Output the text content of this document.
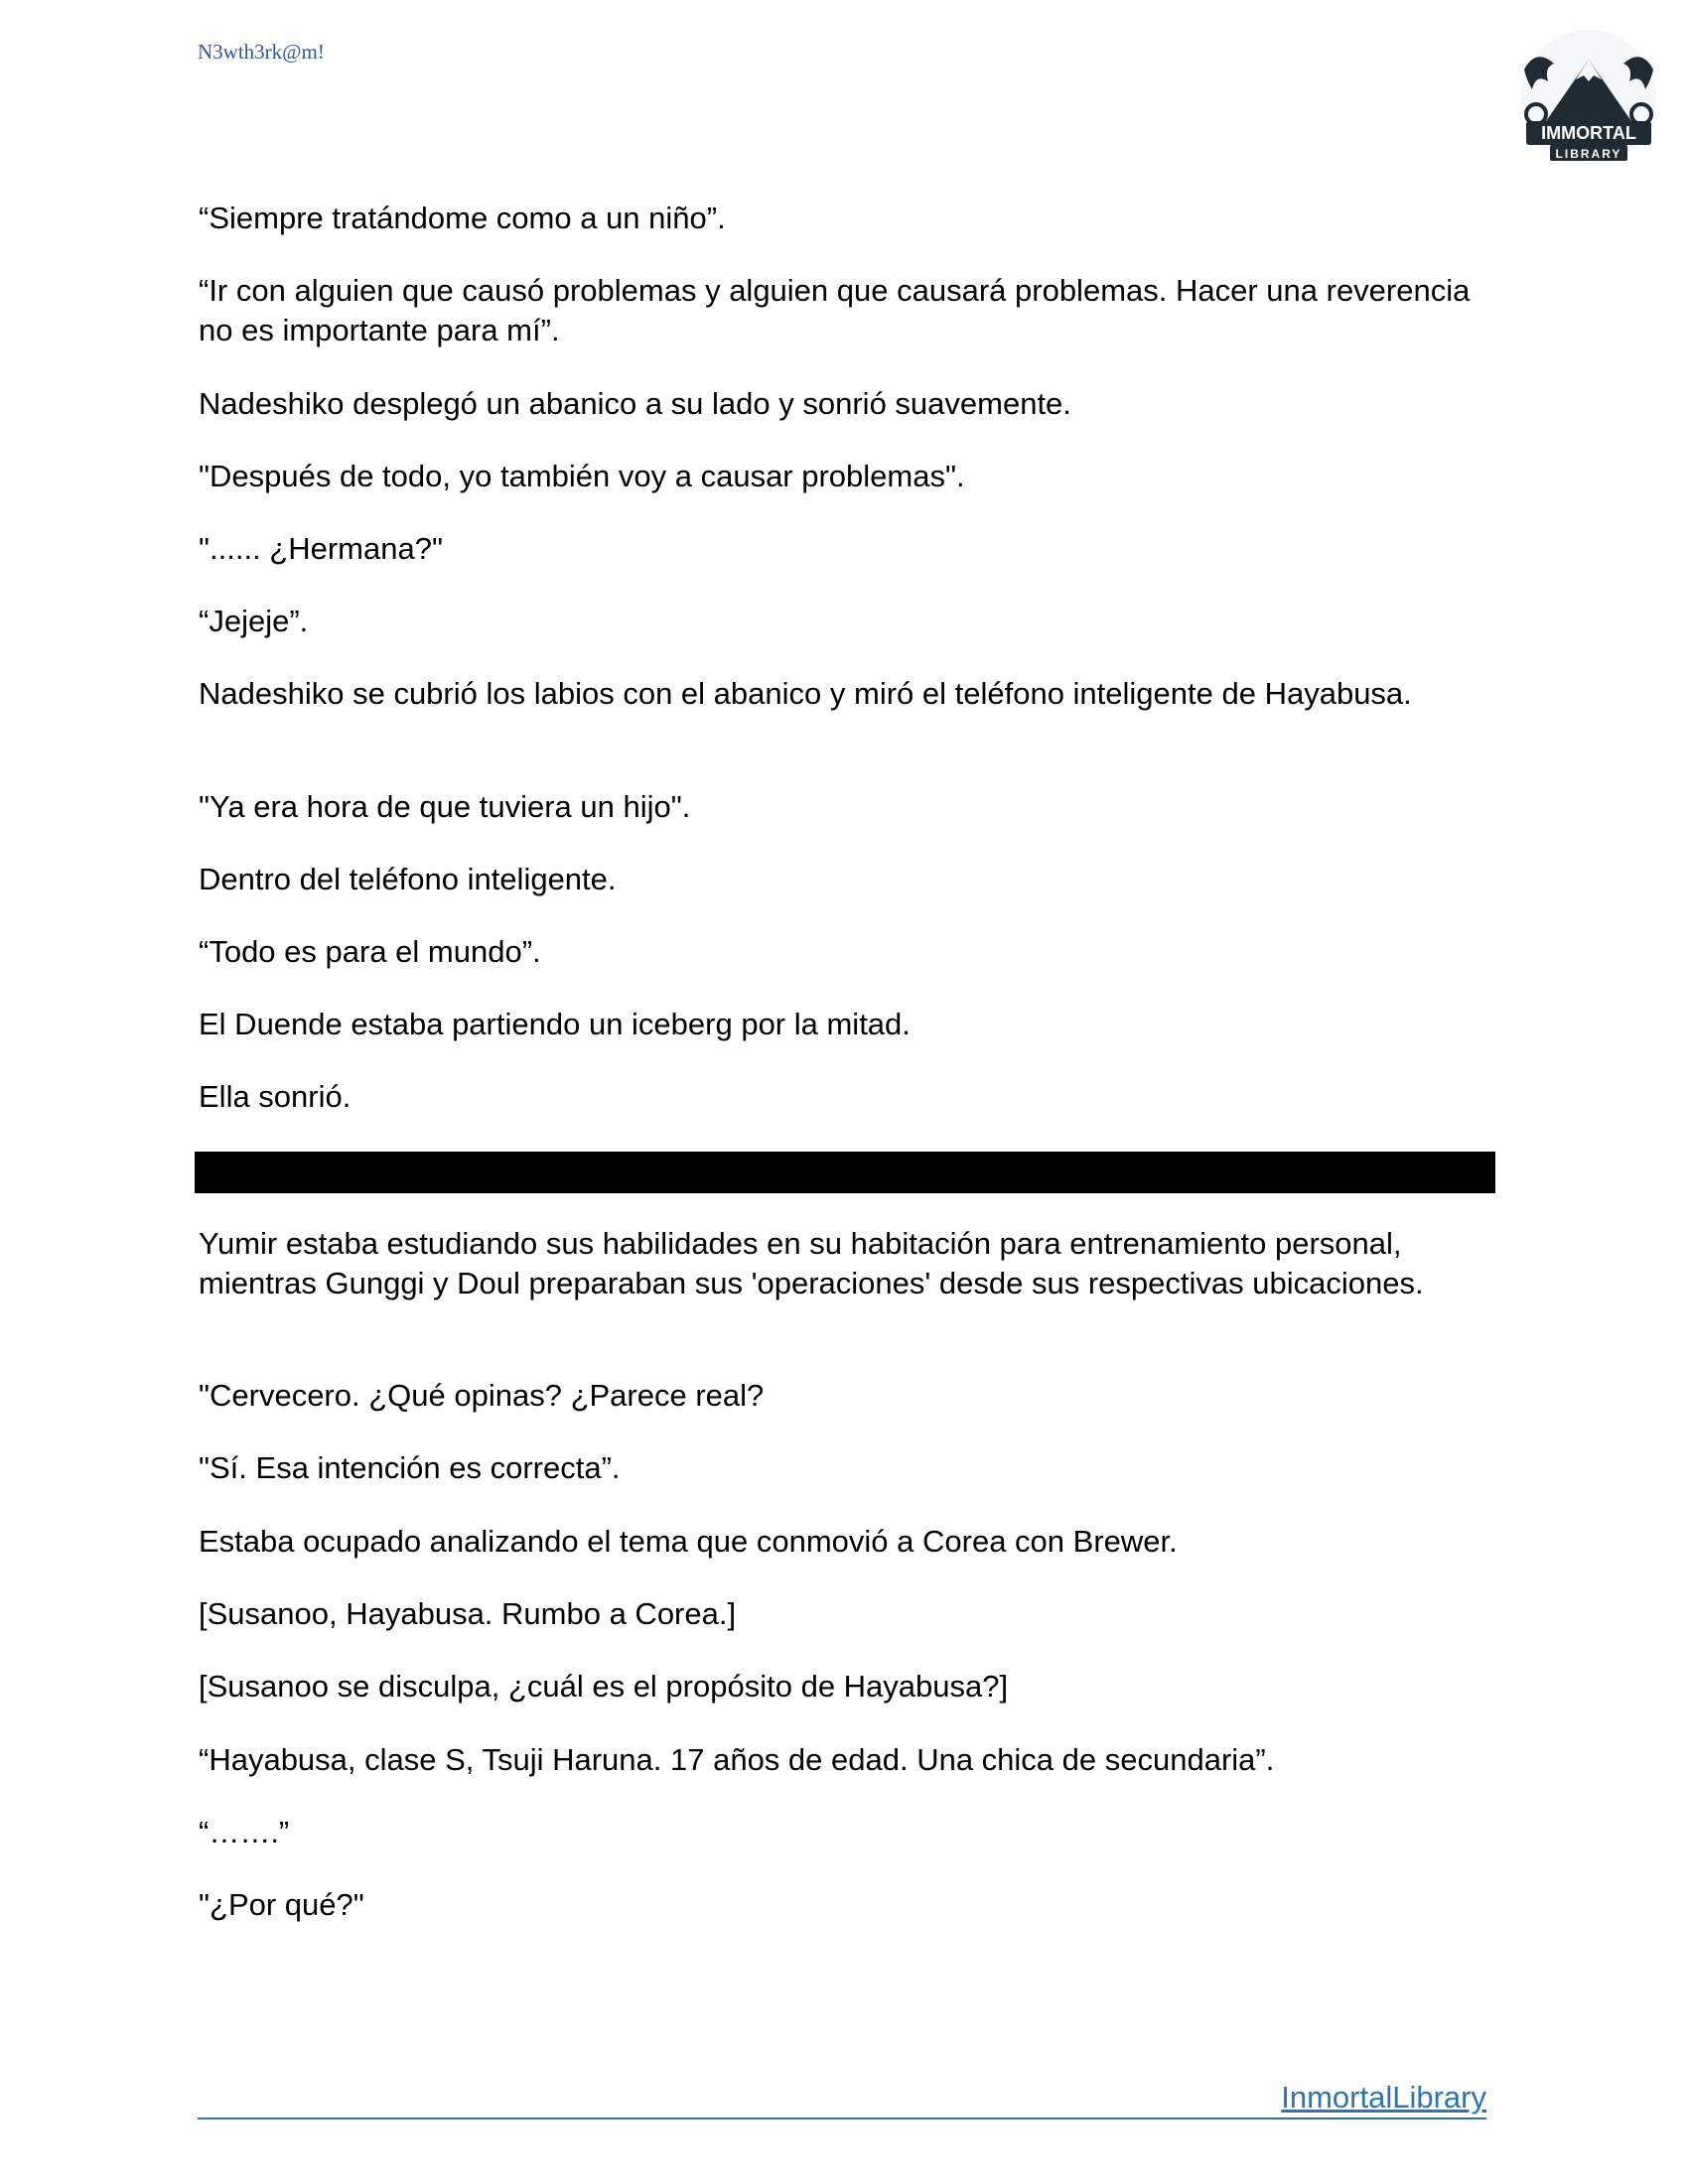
N3wth3rk@m!
IMMORTAL
LIBRARY

“Siempre tratándome como a un niño”.

“Ir con alguien que causó problemas y alguien que causará problemas. Hacer una reverencia no es importante para mí”.

Nadeshiko desplegó un abanico a su lado y sonrió suavemente.

"Después de todo, yo también voy a causar problemas".

"...... ¿Hermana?"

“Jejeje”.

Nadeshiko se cubrió los labios con el abanico y miró el teléfono inteligente de Hayabusa.

"Ya era hora de que tuviera un hijo".

Dentro del teléfono inteligente.

“Todo es para el mundo”.

El Duende estaba partiendo un iceberg por la mitad.

Ella sonrió.

Yumir estaba estudiando sus habilidades en su habitación para entrenamiento personal, mientras Gunggi y Doul preparaban sus 'operaciones' desde sus respectivas ubicaciones.

"Cervecero. ¿Qué opinas? ¿Parece real?

"Sí. Esa intención es correcta”.

Estaba ocupado analizando el tema que conmovió a Corea con Brewer.

[Susanoo, Hayabusa. Rumbo a Corea.]

[Susanoo se disculpa, ¿cuál es el propósito de Hayabusa?]

“Hayabusa, clase S, Tsuji Haruna. 17 años de edad. Una chica de secundaria”.

“…….”

"¿Por qué?"

InmortalLibrary
